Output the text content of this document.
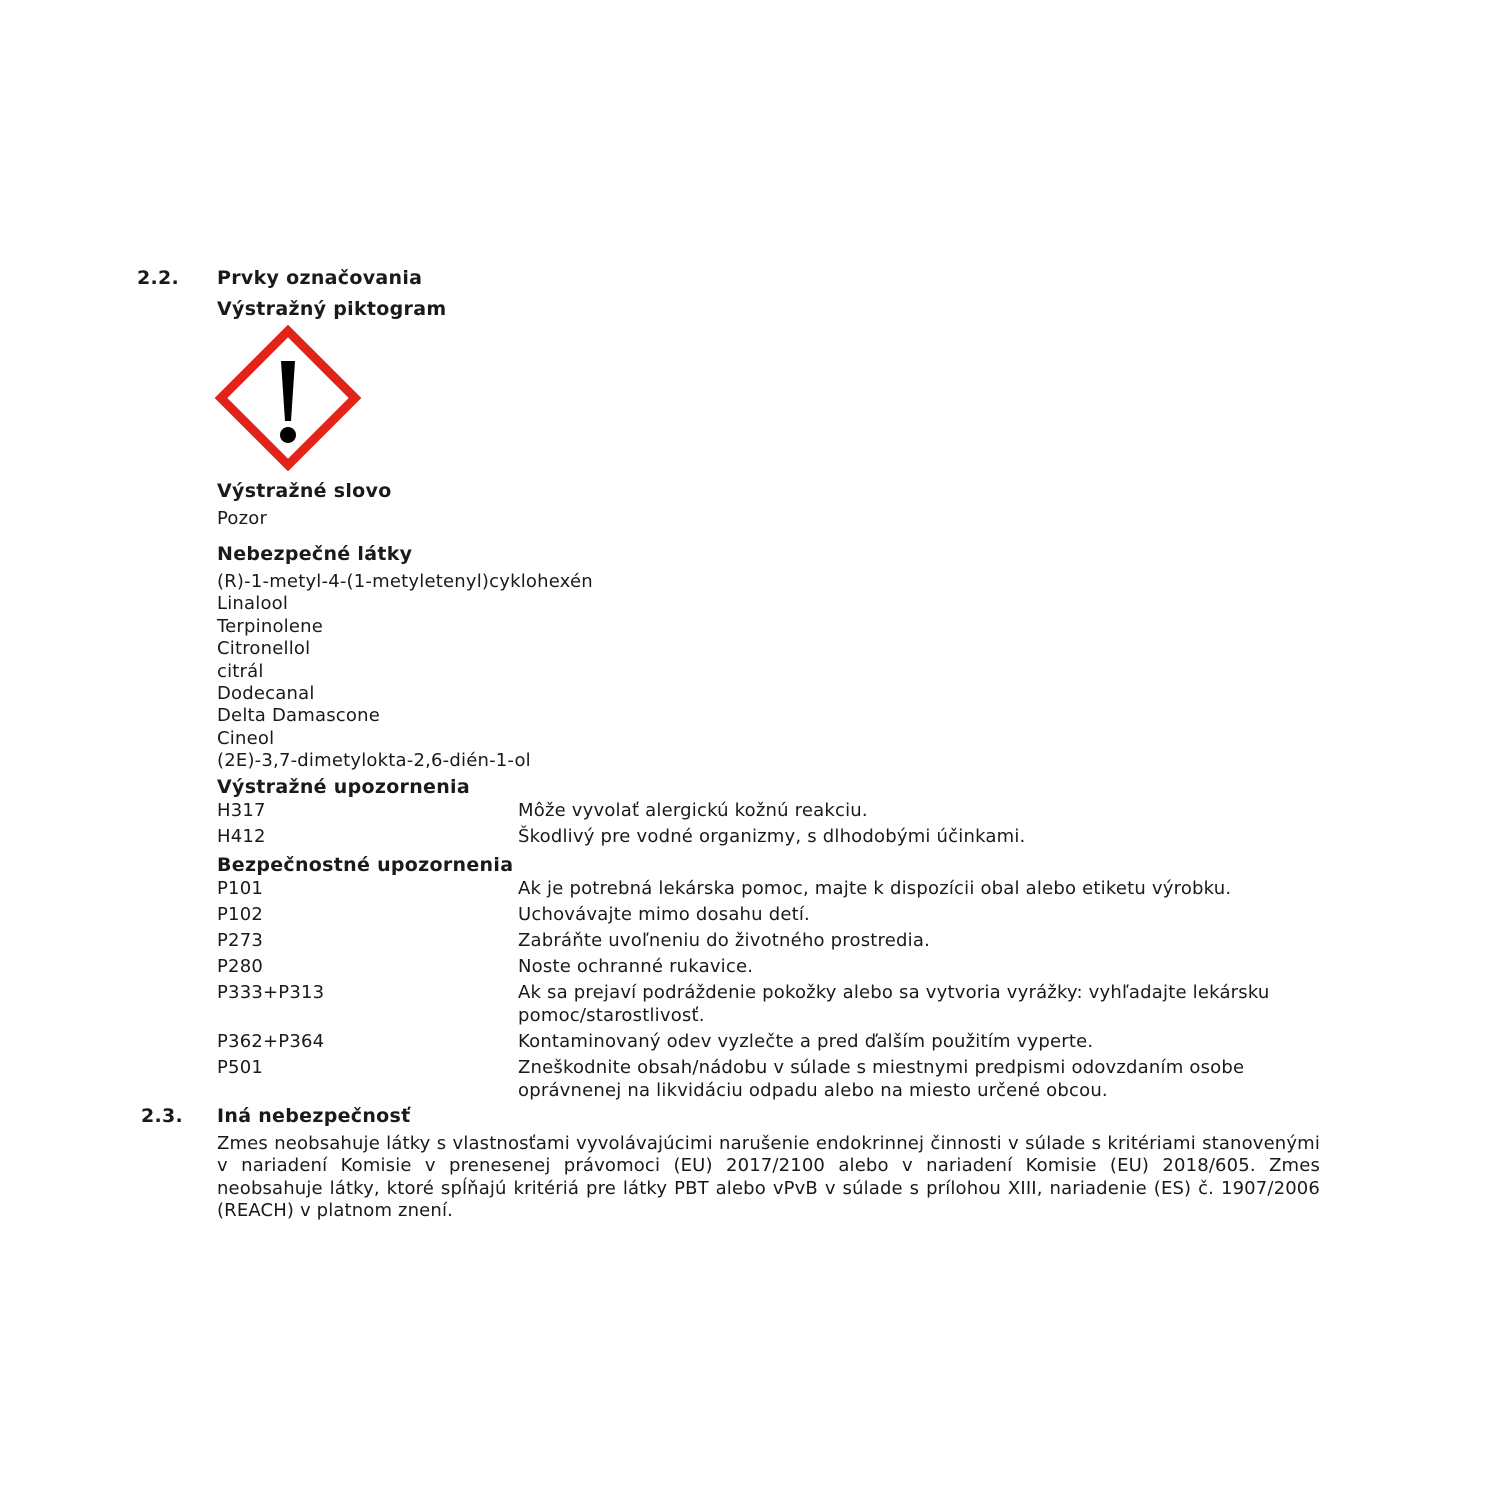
2.2. Prvky označovania
Výstražný piktogram
Výstražné slovo
Pozor
Nebezpečné látky
(R)-1-metyl-4-(1-metyletenyl)cyklohexén
Linalool
Terpinolene
Citronellol
citrál
Dodecanal
Delta Damascone
Cineol
(2E)-3,7-dimetylokta-2,6-dién-1-ol
Výstražné upozornenia
H317	Môže vyvolať alergickú kožnú reakciu.
H412	Škodlivý pre vodné organizmy, s dlhodobými účinkami.
Bezpečnostné upozornenia
P101	Ak je potrebná lekárska pomoc, majte k dispozícii obal alebo etiketu výrobku.
P102	Uchovávajte mimo dosahu detí.
P273	Zabráňte uvoľneniu do životného prostredia.
P280	Noste ochranné rukavice.
P333+P313	Ak sa prejaví podráždenie pokožky alebo sa vytvoria vyrážky: vyhľadajte lekársku pomoc/starostlivosť.
P362+P364	Kontaminovaný odev vyzlečte a pred ďalším použitím vyperte.
P501	Zneškodnite obsah/nádobu v súlade s miestnymi predpismi odovzdaním osobe oprávnenej na likvidáciu odpadu alebo na miesto určené obcou.
2.3. Iná nebezpečnosť

Zmes neobsahuje látky s vlastnosťami vyvolávajúcimi narušenie endokrinnej činnosti v súlade s kritériami stanovenými v nariadení Komisie v prenesenej právomoci (EU) 2017/2100 alebo v nariadení Komisie (EU) 2018/605. Zmes neobsahuje látky, ktoré spĺňajú kritériá pre látky PBT alebo vPvB v súlade s prílohou XIII, nariadenie (ES) č. 1907/2006 (REACH) v platnom znení.
